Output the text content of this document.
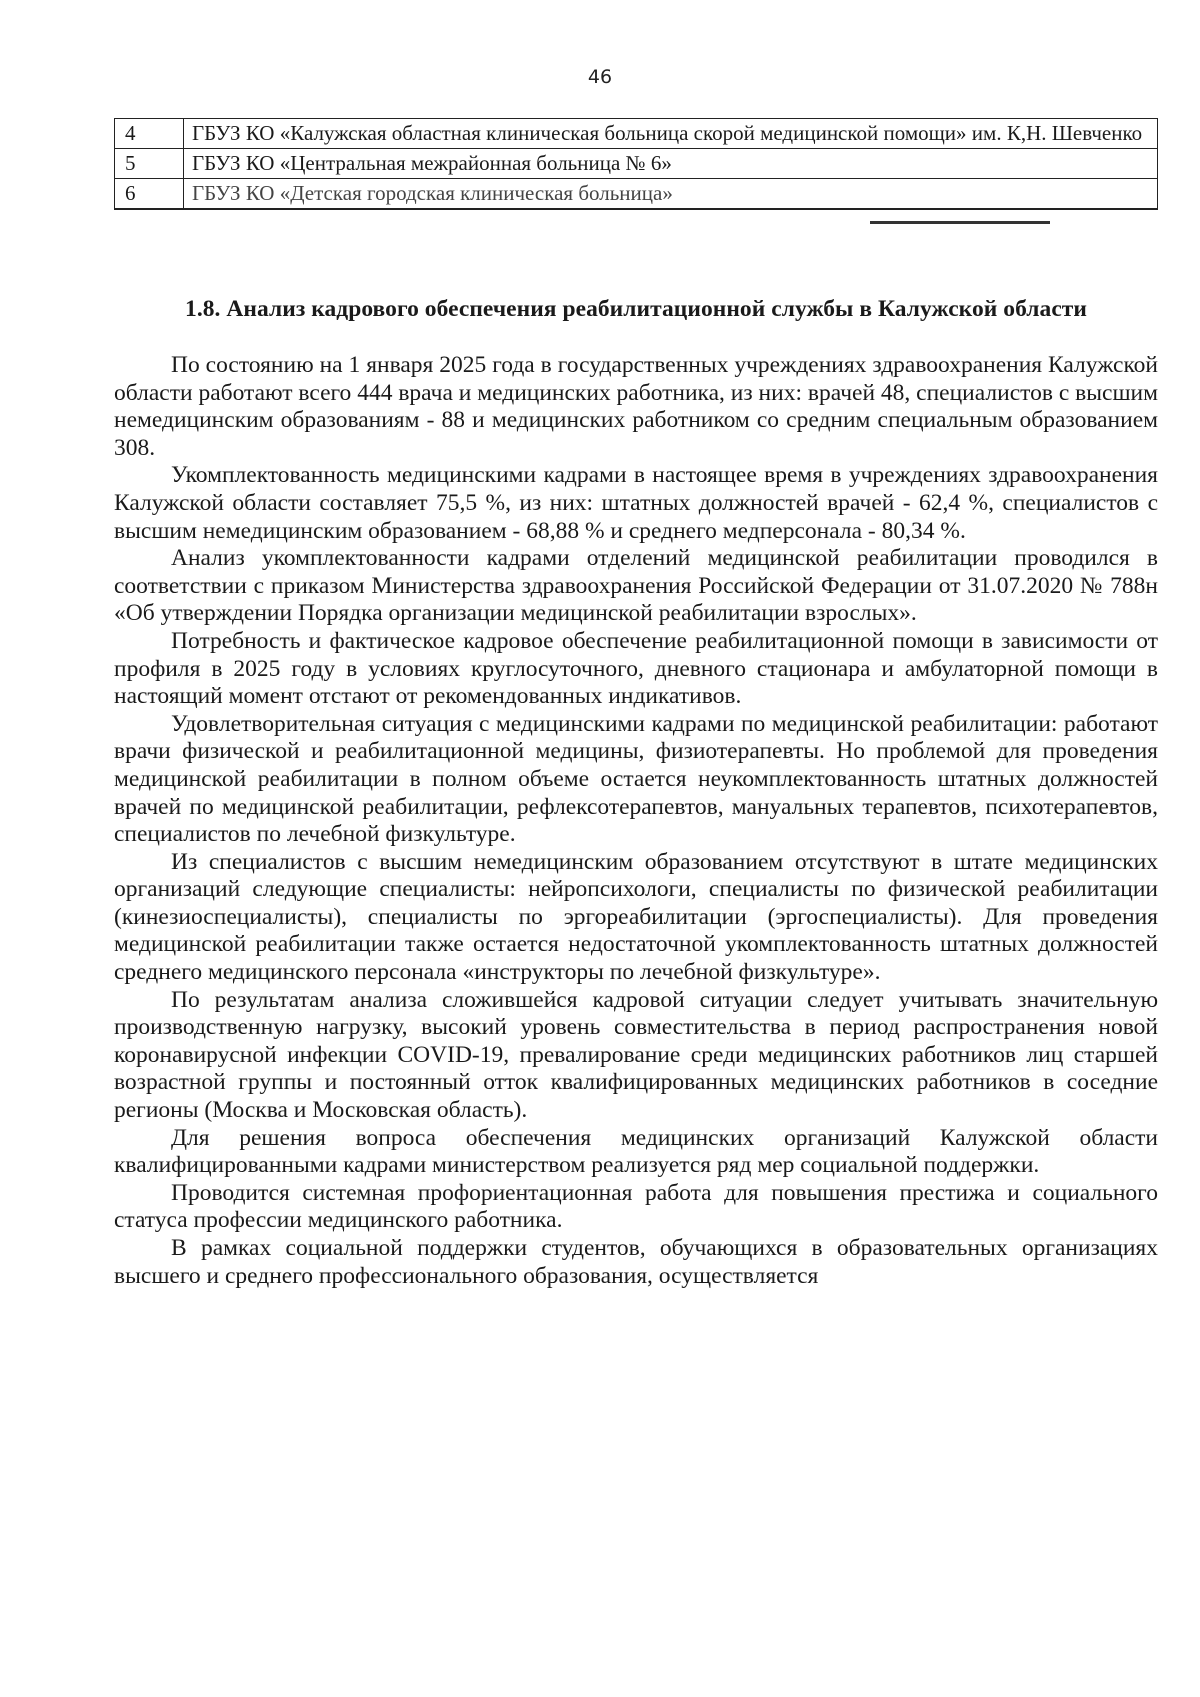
46
4	ГБУЗ КО «Калужская областная клиническая больница скорой медицинской помощи» им. К,Н. Шевченко
5	ГБУЗ КО «Центральная межрайонная больница № 6»
6	ГБУЗ КО «Детская городская клиническая больница»
1.8. Анализ кадрового обеспечения реабилитационной службы в Калужской области

По состоянию на 1 января 2025 года в государственных учреждениях здравоохранения Калужской области работают всего 444 врача и медицинских работника, из них: врачей 48, специалистов с высшим немедицинским образованиям - 88 и медицинских работником со средним специальным образованием 308.

Укомплектованность медицинскими кадрами в настоящее время в учреждениях здравоохранения Калужской области составляет 75,5 %, из них: штатных должностей врачей - 62,4 %, специалистов с высшим немедицинским образованием - 68,88 % и среднего медперсонала - 80,34 %.

Анализ укомплектованности кадрами отделений медицинской реабилитации проводился в соответствии с приказом Министерства здравоохранения Российской Федерации от 31.07.2020 № 788н «Об утверждении Порядка организации медицинской реабилитации взрослых».

Потребность и фактическое кадровое обеспечение реабилитационной помощи в зависимости от профиля в 2025 году в условиях круглосуточного, дневного стационара и амбулаторной помощи в настоящий момент отстают от рекомендованных индикативов.

Удовлетворительная ситуация с медицинскими кадрами по медицинской реабилитации: работают врачи физической и реабилитационной медицины, физиотерапевты. Но проблемой для проведения медицинской реабилитации в полном объеме остается неукомплектованность штатных должностей врачей по медицинской реабилитации, рефлексотерапевтов, мануальных терапевтов, психотерапевтов, специалистов по лечебной физкультуре.

Из специалистов с высшим немедицинским образованием отсутствуют в штате медицинских организаций следующие специалисты: нейропсихологи, специалисты по физической реабилитации (кинезиоспециалисты), специалисты по эргореабилитации (эргоспециалисты). Для проведения медицинской реабилитации также остается недостаточной укомплектованность штатных должностей среднего медицинского персонала «инструкторы по лечебной физкультуре».

По результатам анализа сложившейся кадровой ситуации следует учитывать значительную производственную нагрузку, высокий уровень совместительства в период распространения новой коронавирусной инфекции COVID-19, превалирование среди медицинских работников лиц старшей возрастной группы и постоянный отток квалифицированных медицинских работников в соседние регионы (Москва и Московская область).

Для решения вопроса обеспечения медицинских организаций Калужской области квалифицированными кадрами министерством реализуется ряд мер социальной поддержки.

Проводится системная профориентационная работа для повышения престижа и социального статуса профессии медицинского работника.

В рамках социальной поддержки студентов, обучающихся в образовательных организациях высшего и среднего профессионального образования, осуществляется
